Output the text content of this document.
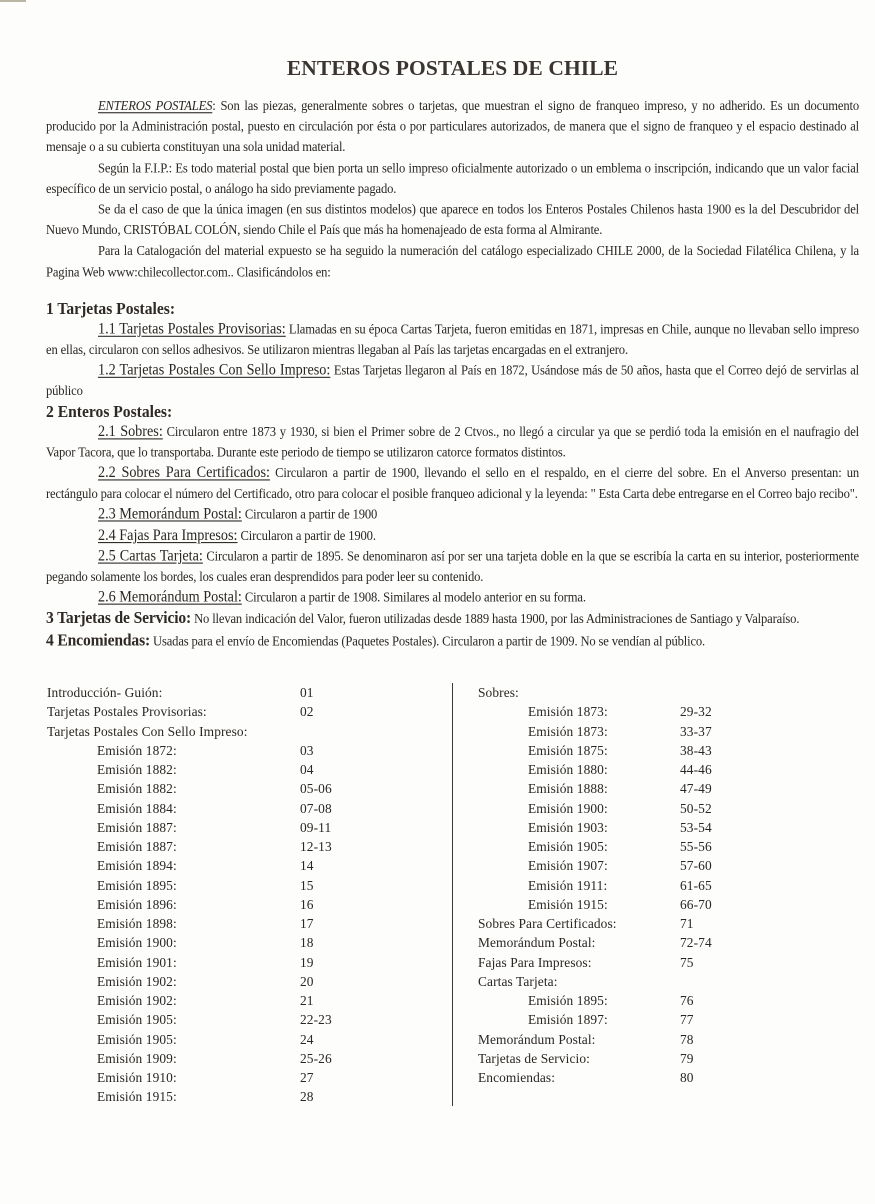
ENTEROS POSTALES DE CHILE

ENTEROS POSTALES: Son las piezas, generalmente sobres o tarjetas, que muestran el signo de franqueo impreso, y no adherido. Es un documento producido por la Administración postal, puesto en circulación por ésta o por particulares autorizados, de manera que el signo de franqueo y el espacio destinado al mensaje o a su cubierta constituyan una sola unidad material.

Según la F.I.P.: Es todo material postal que bien porta un sello impreso oficialmente autorizado o un emblema o inscripción, indicando que un valor facial específico de un servicio postal, o análogo ha sido previamente pagado.

Se da el caso de que la única imagen (en sus distintos modelos) que aparece en todos los Enteros Postales Chilenos hasta 1900 es la del Descubridor del Nuevo Mundo, CRISTÓBAL COLÓN, siendo Chile el País que más ha homenajeado de esta forma al Almirante.

Para la Catalogación del material expuesto se ha seguido la numeración del catálogo especializado CHILE 2000, de la Sociedad Filatélica Chilena, y la Pagina Web www:chilecollector.com.. Clasificándolos en:

1 Tarjetas Postales:

1.1 Tarjetas Postales Provisorias: Llamadas en su época Cartas Tarjeta, fueron emitidas en 1871, impresas en Chile, aunque no llevaban sello impreso en ellas, circularon con sellos adhesivos. Se utilizaron mientras llegaban al País las tarjetas encargadas en el extranjero.

1.2 Tarjetas Postales Con Sello Impreso: Estas Tarjetas llegaron al País en 1872, Usándose más de 50 años, hasta que el Correo dejó de servirlas al público

2 Enteros Postales:

2.1 Sobres: Circularon entre 1873 y 1930, si bien el Primer sobre de 2 Ctvos., no llegó a circular ya que se perdió toda la emisión en el naufragio del Vapor Tacora, que lo transportaba. Durante este periodo de tiempo se utilizaron catorce formatos distintos.

2.2 Sobres Para Certificados: Circularon a partir de 1900, llevando el sello en el respaldo, en el cierre del sobre. En el Anverso presentan: un rectángulo para colocar el número del Certificado, otro para colocar el posible franqueo adicional y la leyenda: " Esta Carta debe entregarse en el Correo bajo recibo".

2.3 Memorándum Postal: Circularon a partir de 1900

2.4 Fajas Para Impresos: Circularon a partir de 1900.

2.5 Cartas Tarjeta: Circularon a partir de 1895. Se denominaron así por ser una tarjeta doble en la que se escribía la carta en su interior, posteriormente pegando solamente los bordes, los cuales eran desprendidos para poder leer su contenido.

2.6 Memorándum Postal: Circularon a partir de 1908. Similares al modelo anterior en su forma.

3 Tarjetas de Servicio: No llevan indicación del Valor, fueron utilizadas desde 1889 hasta 1900, por las Administraciones de Santiago y Valparaíso.

4 Encomiendas: Usadas para el envío de Encomiendas (Paquetes Postales). Circularon a partir de 1909. No se vendían al público.

Introducción- Guión:	01
Tarjetas Postales Provisorias:	02
Tarjetas Postales Con Sello Impreso:
Emisión 1872:	03
Emisión 1882:	04
Emisión 1882:	05-06
Emisión 1884:	07-08
Emisión 1887:	09-11
Emisión 1887:	12-13
Emisión 1894:	14
Emisión 1895:	15
Emisión 1896:	16
Emisión 1898:	17
Emisión 1900:	18
Emisión 1901:	19
Emisión 1902:	20
Emisión 1902:	21
Emisión 1905:	22-23
Emisión 1905:	24
Emisión 1909:	25-26
Emisión 1910:	27
Emisión 1915:	28
Sobres:
Emisión 1873:	29-32
Emisión 1873:	33-37
Emisión 1875:	38-43
Emisión 1880:	44-46
Emisión 1888:	47-49
Emisión 1900:	50-52
Emisión 1903:	53-54
Emisión 1905:	55-56
Emisión 1907:	57-60
Emisión 1911:	61-65
Emisión 1915:	66-70
Sobres Para Certificados:	71
Memorándum Postal:	72-74
Fajas Para Impresos:	75
Cartas Tarjeta:
Emisión 1895:	76
Emisión 1897:	77
Memorándum Postal:	78
Tarjetas de Servicio:	79
Encomiendas:	80
